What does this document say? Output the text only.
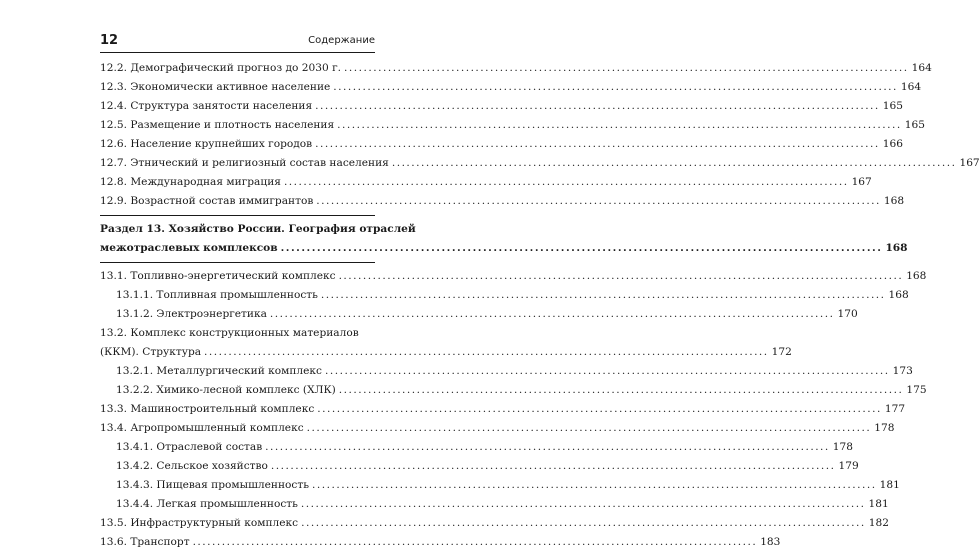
12	Содержание
12.2. Демографический прогноз до 2030 г. .....	164
12.3. Экономически активное население .....	164
12.4. Структура занятости населения .....	165
12.5. Размещение и плотность населения .....	165
12.6. Население крупнейших городов .....	166
12.7. Этнический и религиозный состав населения .....	167
12.8. Международная миграция .....	167
12.9. Возрастной состав иммигрантов .....	168
Раздел 13. Хозяйство России. География отраслей
межотраслевых комплексов .....	168
13.1. Топливно-энергетический комплекс .....	168
13.1.1. Топливная промышленность .....	168
13.1.2. Электроэнергетика .....	170
13.2. Комплекс конструкционных материалов
(ККМ). Структура .....	172
13.2.1. Металлургический комплекс .....	173
13.2.2. Химико-лесной комплекс (ХЛК) .....	175
13.3. Машиностроительный комплекс .....	177
13.4. Агропромышленный комплекс .....	178
13.4.1. Отраслевой состав .....	178
13.4.2. Сельское хозяйство .....	179
13.4.3. Пищевая промышленность .....	181
13.4.4. Легкая промышленность .....	181
13.5. Инфраструктурный комплекс .....	182
13.6. Транспорт .....	183
